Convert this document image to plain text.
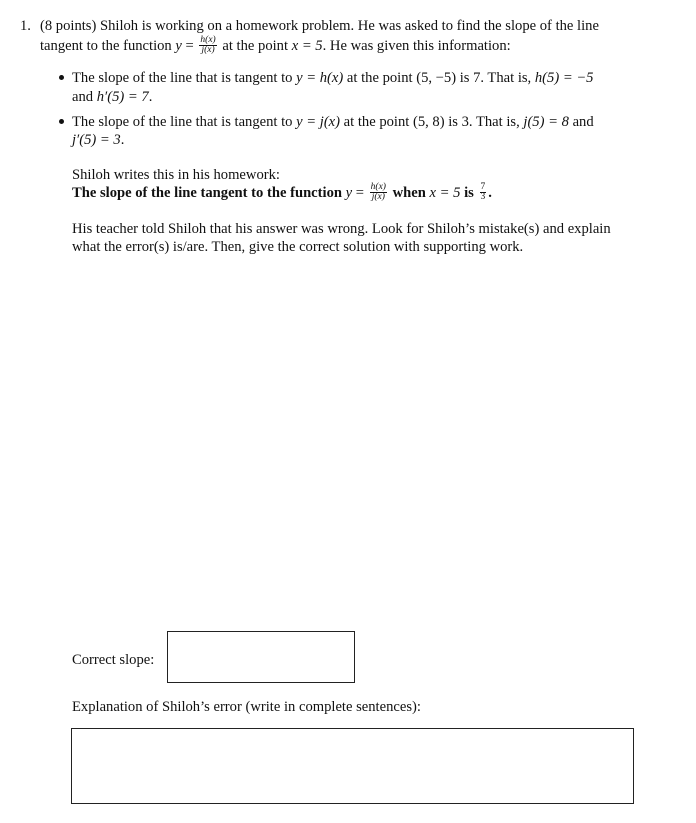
1. (8 points) Shiloh is working on a homework problem. He was asked to find the slope of the line
tangent to the function $y = \frac{h(x)}{j(x)}$ at the point x = 5. He was given this information:
The slope of the line that is tangent to y = h(x) at the point (5, −5) is 7. That is, h(5) = −5
and h′(5) = 7.
The slope of the line that is tangent to y = j(x) at the point (5, 8) is 3. That is, j(5) = 8 and
j′(5) = 3.
Shiloh writes this in his homework:
The slope of the line tangent to the function $y = \frac{h(x)}{j(x)}$ when x = 5 is $\frac{7}{3}$ .
His teacher told Shiloh that his answer was wrong. Look for Shiloh’s mistake(s) and explain
what the error(s) is/are. Then, give the correct solution with supporting work.
Correct slope:
Explanation of Shiloh’s error (write in complete sentences):
